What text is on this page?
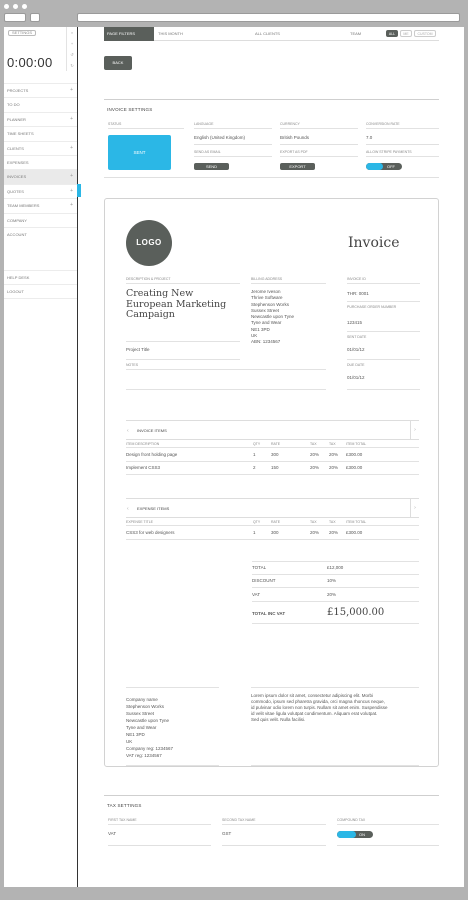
SETTINGS	×
+
↺
↻
0:00:00
PROJECTS	+
TO DO
PLANNER	+
TIME SHEETS
CLIENTS	+
EXPENSES
INVOICES	+
QUOTES	+
TEAM MEMBERS	+
COMPANY
ACCOUNT
HELP DESK
LOGOUT
PAGE FILTERS	THIS MONTH	ALL CLIENTS	TEAM	ALL	ME	CUSTOM
BACK
INVOICE SETTINGS
STATUS
SENT
LANGUAGE
English (United Kingdom)
CURRENCY
British Pounds
CONVERSION RATE
7.0
SEND AS EMAIL
SEND
EXPORT AS PDF
EXPORT
ALLOW STRIPE PAYMENTS
OFF
LOGO	Invoice
DESCRIPTION & PROJECT
Creating New European Marketing Campaign
Project Title
NOTES
BILLING ADDRESS
Jerome Iveson
Thrive Software
Stephenson Works
Sussex Street
Newcastle upon Tyne
Tyne and Wear
NE1 3PD
UK
ABN: 1234567
INVOICE ID
THR: 0001
PURCHASE ORDER NUMBER
123415
SENT DATE
01/01/12
DUE DATE
01/01/12
‹ INVOICE ITEMS	›
ITEM DESCRIPTION	QTY	RATE	TAX	TAX	ITEM TOTAL
Design front holding page	1	300	20% 20% £300.00
Implement CSS3	2	150	20% 20% £300.00
‹ EXPENSE ITEMS	›
EXPENSE TITLE	QTY	RATE	TAX	TAX	ITEM TOTAL
CSS3 for web designers	1	300	20% 20% £300.00
TOTAL	£12,000
DISCOUNT	10%
VAT	20%
TOTAL INC VAT	£15,000.00
Company name
Stephenson Works
Sussex Street
Newcastle upon Tyne
Tyne and Wear
NE1 3PD
UK
Company reg: 1234567
VAT reg: 1234567
Lorem ipsum dolor sit amet, consectetur adipiscing elit. Morbi
commodo, ipsum sed pharetra gravida, orci magna rhoncus neque,
id pulvinar odio lorem non turpis. Nullam sit amet enim. Suspendisse
id velit vitae ligula volutpat condimentum. Aliquam erat volutpat.
Sed quis velit. Nulla facilisi.
TAX SETTINGS
FIRST TAX NAME
VAT
SECOND TAX NAME
GST
COMPOUND TAX
ON
